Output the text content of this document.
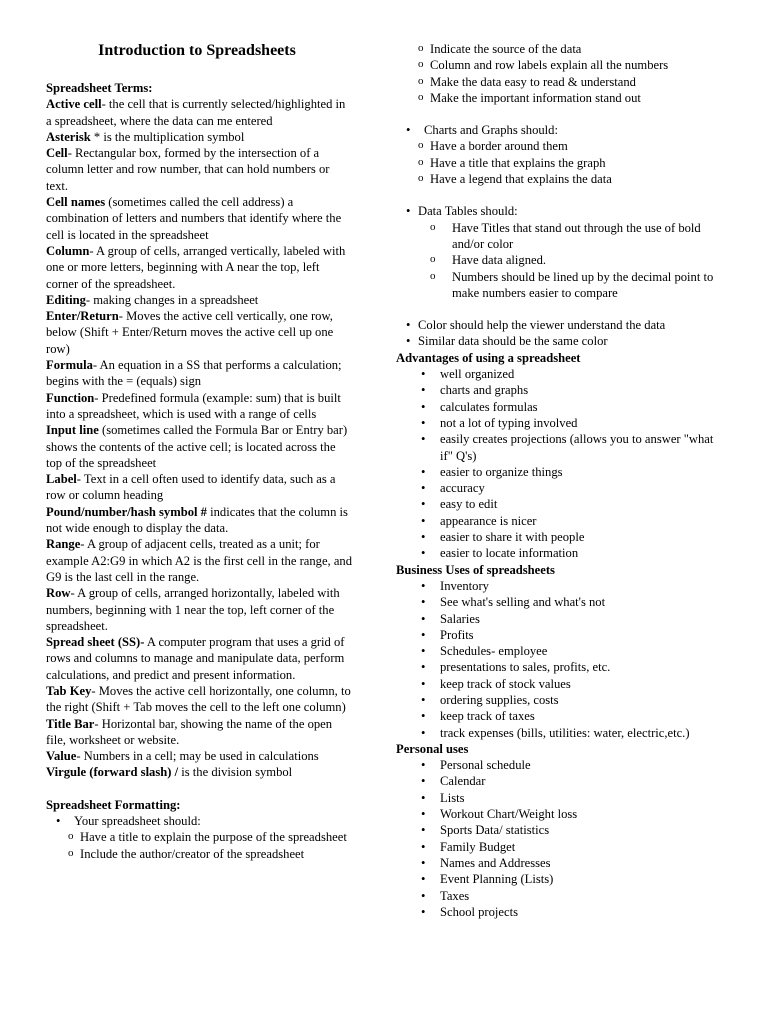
Introduction to Spreadsheets

Spreadsheet Terms:

Active cell- the cell that is currently selected/highlighted in a spreadsheet, where the data can me entered

Asterisk * is the multiplication symbol

Cell- Rectangular box, formed by the intersection of a column letter and row number, that can hold numbers or text.

Cell names (sometimes called the cell address) a combination of letters and numbers that identify where the cell is located in the spreadsheet

Column- A group of cells, arranged vertically, labeled with one or more letters, beginning with A near the top, left corner of the spreadsheet.

Editing- making changes in a spreadsheet

Enter/Return- Moves the active cell vertically, one row, below (Shift + Enter/Return moves the active cell up one row)

Formula- An equation in a SS that performs a calculation; begins with the = (equals) sign

Function- Predefined formula (example: sum) that is built into a spreadsheet, which is used with a range of cells

Input line (sometimes called the Formula Bar or Entry bar) shows the contents of the active cell; is located across the top of the spreadsheet

Label- Text in a cell often used to identify data, such as a row or column heading

Pound/number/hash symbol # indicates that the column is not wide enough to display the data.

Range- A group of adjacent cells, treated as a unit; for example A2:G9 in which A2 is the first cell in the range, and G9 is the last cell in the range.

Row- A group of cells, arranged horizontally, labeled with numbers, beginning with 1 near the top, left corner of the spreadsheet.

Spread sheet (SS)- A computer program that uses a grid of rows and columns to manage and manipulate data, perform calculations, and predict and present information.

Tab Key- Moves the active cell horizontally, one column, to the right (Shift + Tab moves the cell to the left one column)

Title Bar- Horizontal bar, showing the name of the open file, worksheet or website.

Value- Numbers in a cell; may be used in calculations

Virgule (forward slash) / is the division symbol

Spreadsheet Formatting:

• Your spreadsheet should:
o Have a title to explain the purpose of the spreadsheet
o Include the author/creator of the spreadsheet
o Indicate the source of the data
o Column and row labels explain all the numbers
o Make the data easy to read & understand
o Make the important information stand out
• Charts and Graphs should:
o Have a border around them
o Have a title that explains the graph
o Have a legend that explains the data
• Data Tables should:
o Have Titles that stand out through the use of bold and/or color
o Have data aligned.
o Numbers should be lined up by the decimal point to make numbers easier to compare
• Color should help the viewer understand the data
• Similar data should be the same color

Advantages of using a spreadsheet

• well organized
• charts and graphs
• calculates formulas
• not a lot of typing involved
• easily creates projections (allows you to answer "what if" Q's)
• easier to organize things
• accuracy
• easy to edit
• appearance is nicer
• easier to share it with people
• easier to locate information

Business Uses of spreadsheets

• Inventory
• See what's selling and what's not
• Salaries
• Profits
• Schedules- employee
• presentations to sales, profits, etc.
• keep track of stock values
• ordering supplies, costs
• keep track of taxes
• track expenses (bills, utilities: water, electric,etc.)

Personal uses

• Personal schedule
• Calendar
• Lists
• Workout Chart/Weight loss
• Sports Data/ statistics
• Family Budget
• Names and Addresses
• Event Planning (Lists)
• Taxes
• School projects
